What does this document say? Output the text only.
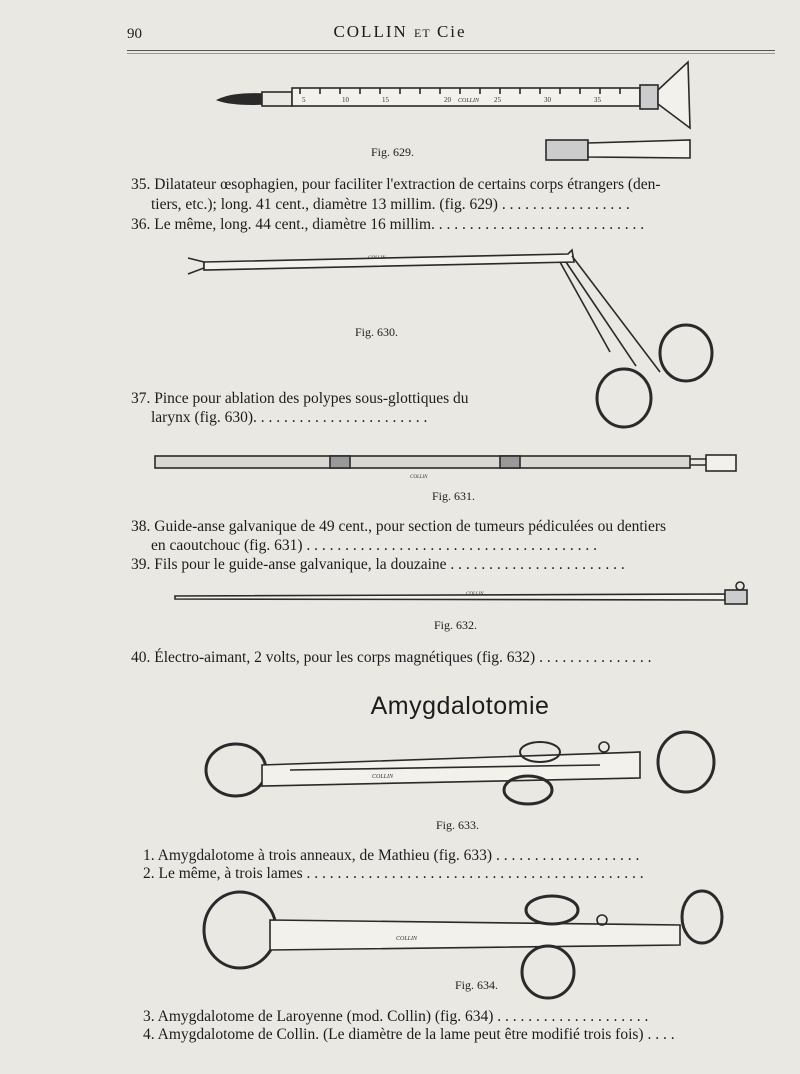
90	COLLIN ET Cie
5	10	15	20	25	30	35
COLLIN
COLLIN
COLLIN
COLLIN
COLLIN
COLLIN
Fig. 629.
Fig. 630.
Fig. 631.
Fig. 632.
Fig. 633.
Fig. 634.
35. Dilatateur œsophagien, pour faciliter l'extraction de certains corps étrangers (den-
tiers, etc.); long. 41 cent., diamètre 13 millim. (fig. 629) . . . . . . . . . . . . . . . . .
36. Le même, long. 44 cent., diamètre 16 millim. . . . . . . . . . . . . . . . . . . . . . . . . . . .
37. Pince pour ablation des polypes sous-glottiques du
larynx (fig. 630). . . . . . . . . . . . . . . . . . . . . . .
38. Guide-anse galvanique de 49 cent., pour section de tumeurs pédiculées ou dentiers
en caoutchouc (fig. 631) . . . . . . . . . . . . . . . . . . . . . . . . . . . . . . . . . . . . . .
39. Fils pour le guide-anse galvanique, la douzaine . . . . . . . . . . . . . . . . . . . . . . .
40. Électro-aimant, 2 volts, pour les corps magnétiques (fig. 632) . . . . . . . . . . . . . . .
Amygdalotomie
1. Amygdalotome à trois anneaux, de Mathieu (fig. 633) . . . . . . . . . . . . . . . . . . .
2. Le même, à trois lames . . . . . . . . . . . . . . . . . . . . . . . . . . . . . . . . . . . . . . . . . . . .
3. Amygdalotome de Laroyenne (mod. Collin) (fig. 634) . . . . . . . . . . . . . . . . . . . .
4. Amygdalotome de Collin. (Le diamètre de la lame peut être modifié trois fois) . . . .
